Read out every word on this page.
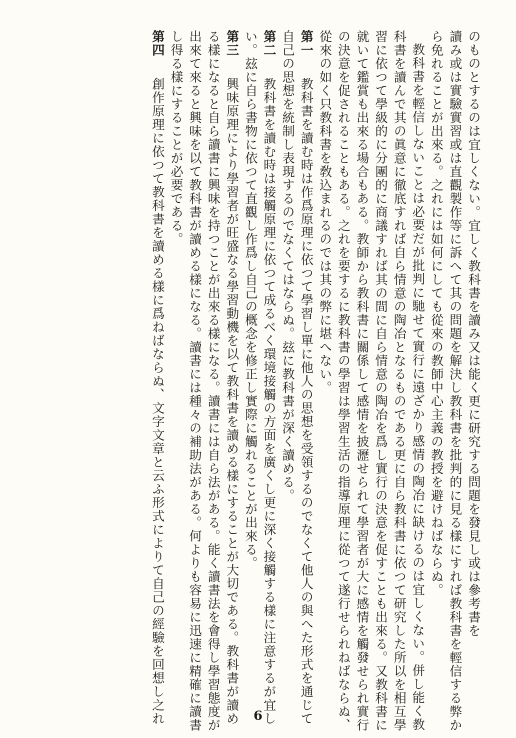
のものとするのは宜しくない。宜しく教科書を讀み又は能く更に研究する問題を發見し或は參考書を
讀み或は實驗實習或は直觀製作等に訴へて其の問題を解決し教科書を批判的に見る樣にすれば教科書を輕信する弊か
ら免れることが出來る。之れには如何にしても從來の教師中心主義の教授を避けねばならぬ。
教科書を輕信しないことは必要だが批判に馳せて實行に遠ざかり感情の陶冶に缺けるのは宜しくない。併し能く教
科書を讀んで其の眞意に徹底すれば自ら情意の陶冶となるものである更に自ら教科書に依つて研究した所以を相互學
習に依つて學級的に分團的に商議すれば其の間に自ら情意の陶冶を爲し實行の決意を促すことも出來る。又教科書に
就いて鑑賞も出來る場合もある。教師から教科書に關係して感情を披瀝せられて學習者が大に感情を觸發せられ實行
の決意を促されることもある。之れを要するに教科書の學習は學習生活の指導原理に從つて遂行せられねばならぬ、
從來の如く只教科書を敎込まれるのでは其の弊に堪へない。
第一　教科書を讀む時は作爲原理に依つて學習し單に他人の思想を受領するのでなくて他人の與へた形式を通じて
自己の思想を統制し表現するのでなくてはならぬ。玆に教科書が深く讀める。
第二　教科書を讀む時は接觸原理に依つて成るべく環境接觸の方面を廣くし更に深く接觸する樣に注意するが宜し
い。玆に自ら書物に依つて直觀し作爲し自己の概念を修正し實際に觸れることが出來る。
第三　興味原理により學習者が旺盛なる學習動機を以て教科書を讀める樣にすることが大切である。教科書が讀め
る樣になると自ら讀書に興味を持つことが出來る樣になる。讀書には自ら法がある。能く讀書法を會得し學習態度が
出來て來ると興味を以て教科書が讀める樣になる。讀書には種々の補助法がある。何よりも容易に迅速に精確に讀書
し得る樣にすることが必要である。
第四　創作原理に依つて教科書を讀める樣に爲ねばならぬ、文字文章と云ふ形式によりて自己の經驗を回想し之れ	6
